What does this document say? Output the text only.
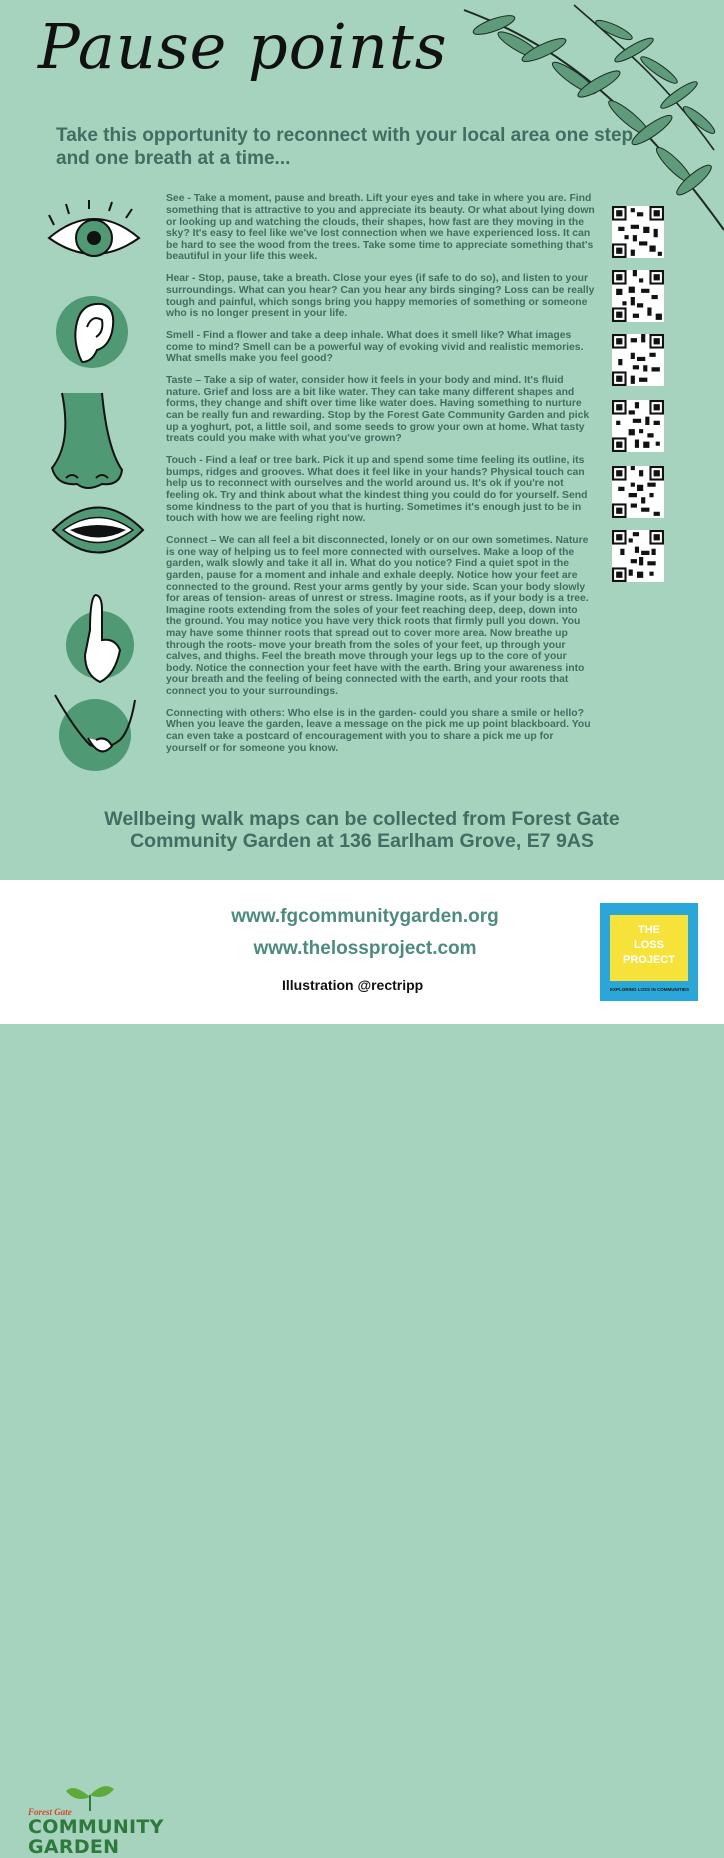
Pause points
Take this opportunity to reconnect with your local area one step and one breath at a time...

See - Take a moment, pause and breath. Lift your eyes and take in where you are. Find something that is attractive to you and appreciate its beauty. Or what about lying down or looking up and watching the clouds, their shapes, how fast are they moving in the sky? It's easy to feel like we've lost connection when we have experienced loss. It can be hard to see the wood from the trees. Take some time to appreciate something that's beautiful in your life this week.

Hear - Stop, pause, take a breath. Close your eyes (if safe to do so), and listen to your surroundings. What can you hear? Can you hear any birds singing? Loss can be really tough and painful, which songs bring you happy memories of something or someone who is no longer present in your life.

Smell - Find a flower and take a deep inhale. What does it smell like? What images come to mind? Smell can be a powerful way of evoking vivid and realistic memories. What smells make you feel good?

Taste – Take a sip of water, consider how it feels in your body and mind. It's fluid nature. Grief and loss are a bit like water. They can take many different shapes and forms, they change and shift over time like water does. Having something to nurture can be really fun and rewarding. Stop by the Forest Gate Community Garden and pick up a yoghurt, pot, a little soil, and some seeds to grow your own at home. What tasty treats could you make with what you've grown?

Touch - Find a leaf or tree bark. Pick it up and spend some time feeling its outline, its bumps, ridges and grooves. What does it feel like in your hands? Physical touch can help us to reconnect with ourselves and the world around us. It's ok if you're not feeling ok. Try and think about what the kindest thing you could do for yourself. Send some kindness to the part of you that is hurting. Sometimes it's enough just to be in touch with how we are feeling right now.

Connect – We can all feel a bit disconnected, lonely or on our own sometimes. Nature is one way of helping us to feel more connected with ourselves. Make a loop of the garden, walk slowly and take it all in. What do you notice? Find a quiet spot in the garden, pause for a moment and inhale and exhale deeply. Notice how your feet are connected to the ground. Rest your arms gently by your side. Scan your body slowly for areas of tension- areas of unrest or stress. Imagine roots, as if your body is a tree. Imagine roots extending from the soles of your feet reaching deep, deep, down into the ground. You may notice you have very thick roots that firmly pull you down. You may have some thinner roots that spread out to cover more area. Now breathe up through the roots- move your breath from the soles of your feet, up through your calves, and thighs. Feel the breath move through your legs up to the core of your body. Notice the connection your feet have with the earth. Bring your awareness into your breath and the feeling of being connected with the earth, and your roots that connect you to your surroundings.

Connecting with others: Who else is in the garden- could you share a smile or hello? When you leave the garden, leave a message on the pick me up point blackboard. You can even take a postcard of encouragement with you to share a pick me up for yourself or for someone you know.

Wellbeing walk maps can be collected from Forest Gate
Community Garden at 136 Earlham Grove, E7 9AS
Forest Gate
COMMUNITY
GARDEN
www.fgcommunitygarden.org
www.thelossproject.com
Illustration @rectripp
THE
LOSS
PROJECT
EXPLORING LOSS IN COMMUNITIES
